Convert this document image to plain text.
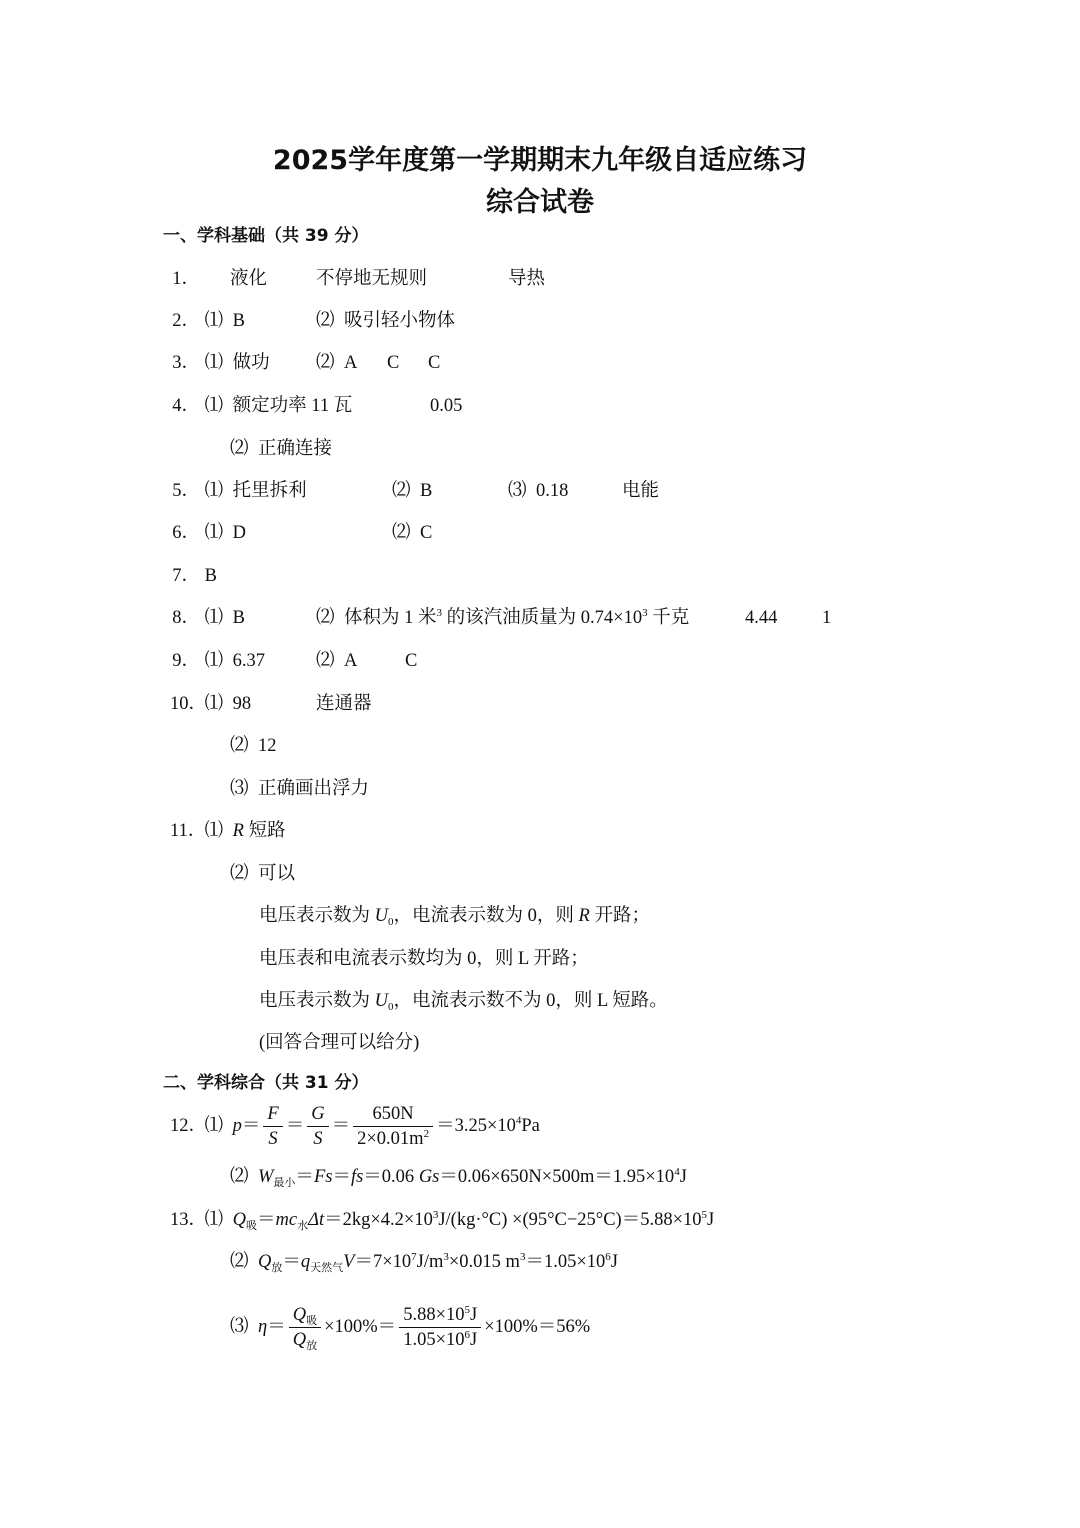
2025学年度第一学期期末九年级自适应练习
综合试卷
一、学科基础（共 39 分）
1． 液化	不停地无规则	导热
2． ⑴ B	⑵ 吸引轻小物体
3． ⑴ 做功	⑵ A C C
4． ⑴ 额定功率 11 瓦	0.05
⑵ 正确连接
5． ⑴ 托里拆利	⑵ B	⑶ 0.18	电能
6． ⑴ D	⑵ C
7． B
8． ⑴ B	⑵ 体积为 1 米$^3$ 的该汽油质量为 $0.74\times 10^3$ 千克	4.44 1
9． ⑴ 6.37	⑵ A	C
10． ⑴ 98	连通器
⑵ 12
⑶ 正确画出浮力
11． ⑴ R 短路
⑵ 可以
电压表示数为 $U_0$，电流表示数为 0，则 R 开路；
电压表和电流表示数均为 0，则 L 开路；
电压表示数为 $U_0$，电流表示数不为 0，则 L 短路。
(回答合理可以给分)
二、学科综合（共 31 分）
12． ⑴ $p= \frac{F}{S} = \frac{G}{S} = \frac{650N}{2\times 0.01m^2} =3.25\times 10^4Pa$
⑵ $W_{最小}=Fs=fs=0.06$ $Gs=0.06\times 650N\times 500m=1.95\times 10^4J$
13． ⑴ $Q_吸=mc_水\Delta t=2kg\times 4.2\times 10^3J/(kg\cdot^\circ C) \times(95^\circ C-25^\circ C)=5.88\times 10^5J$
⑵ $Q_放=q_{天然气}V=7\times 10^7J/m^3\times 0.015$ $m^3=1.05\times 10^6J$
⑶ $\eta= \frac{Q_吸}{Q_放} \times 100\%= \frac{5.88\times 10^5J}{1.05\times 10^6J} \times 100\%=56\%$
